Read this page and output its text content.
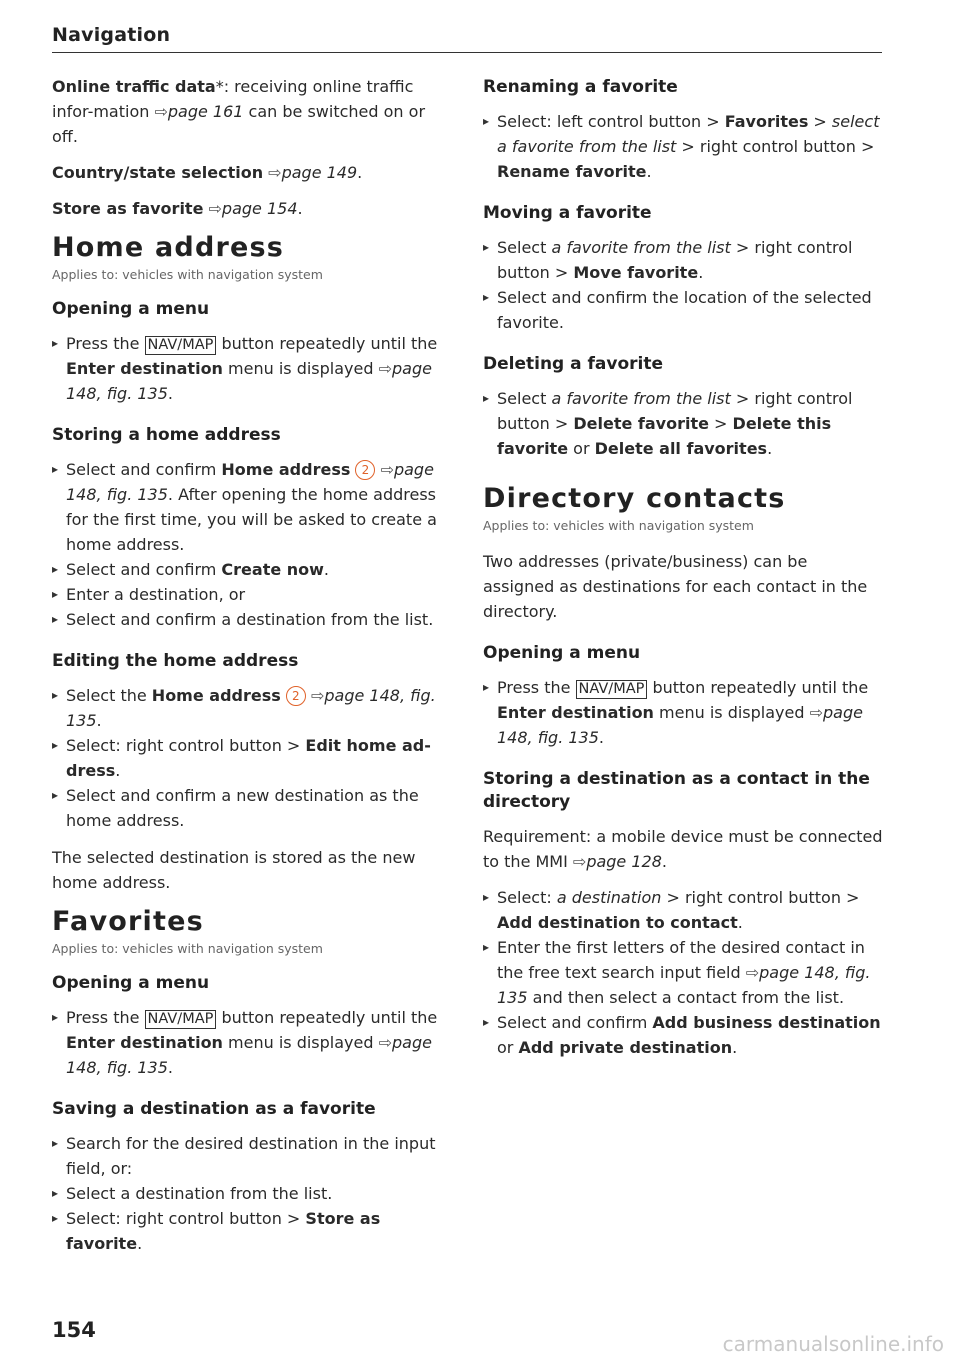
Navigation

Online traffic data*: receiving online traffic infor-mation ⇨page 161 can be switched on or off.

Country/state selection ⇨page 149.

Store as favorite ⇨page 154.

Home address
Applies to: vehicles with navigation system
Opening a menu
▸ Press the NAV/MAP button repeatedly until the Enter destination menu is displayed ⇨page 148, fig. 135.
Storing a home address
▸ Select and confirm Home address 2 ⇨page 148, fig. 135. After opening the home address for the first time, you will be asked to create a home address.
▸ Select and confirm Create now.
▸ Enter a destination, or
▸ Select and confirm a destination from the list.
Editing the home address
▸ Select the Home address 2 ⇨page 148, fig. 135.
▸ Select: right control button > Edit home ad-dress.
▸ Select and confirm a new destination as the home address.

The selected destination is stored as the new home address.

Favorites
Applies to: vehicles with navigation system
Opening a menu
▸ Press the NAV/MAP button repeatedly until the Enter destination menu is displayed ⇨page 148, fig. 135.
Saving a destination as a favorite
▸ Search for the desired destination in the input field, or:
▸ Select a destination from the list.
▸ Select: right control button > Store as favorite.
Renaming a favorite
▸ Select: left control button > Favorites > select a favorite from the list > right control button > Rename favorite.
Moving a favorite
▸ Select a favorite from the list > right control button > Move favorite.
▸ Select and confirm the location of the selected favorite.
Deleting a favorite
▸ Select a favorite from the list > right control button > Delete favorite > Delete this favorite or Delete all favorites.
Directory contacts
Applies to: vehicles with navigation system

Two addresses (private/business) can be assigned as destinations for each contact in the directory.

Opening a menu
▸ Press the NAV/MAP button repeatedly until the Enter destination menu is displayed ⇨page 148, fig. 135.
Storing a destination as a contact in the directory

Requirement: a mobile device must be connected to the MMI ⇨page 128.

▸ Select: a destination > right control button > Add destination to contact.
▸ Enter the first letters of the desired contact in the free text search input field ⇨page 148, fig. 135 and then select a contact from the list.
▸ Select and confirm Add business destination or Add private destination.
154
carmanualsonline.info
